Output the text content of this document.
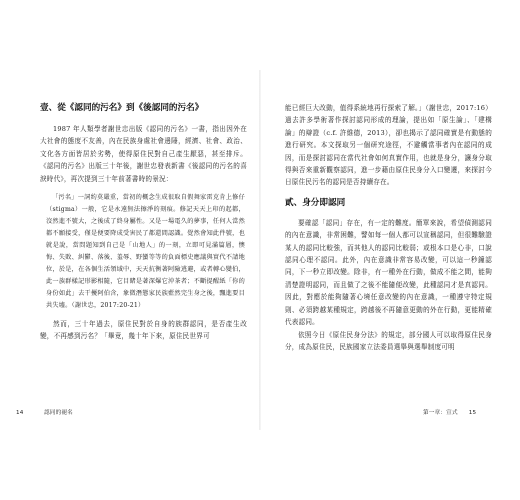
壹、從《認同的污名》到《後認同的污名》

1987 年人類學者謝世忠出版《認同的污名》一書，指出因外在大社會的態度不友善，內在民族身處社會邊陲，經濟、社會、政治、文化各方面皆居於劣勢，使得原住民對自己產生厭惡，甚至排斥。《認同的污名》出版三十年後，謝世忠發表新書《後認同的污名的喜淚時代》，再次提到三十年前著書時的景況：

「污名」一詞約莫嚴重，當初的概念生成很取自假舞家雷克肯上修仔（stigma）一般，它是永遠無法擦淨的刻痕。修記天天上印的起都，沒然進不號大，之後成了終身屬性。又是一場電久的夢事，任何人當然都不願接受，僅是便要降成受害民了都還間認識。覺然會知此件號，也就是說，當問題知到自己是「山地人」的一刻，立即可見滿篇層，懊悔、失敗、糾鬱、落後、羞辱、野蠻等等的負面標史應議與實代不請地位，於是，在各個生活領域中，天天抗衡著阿險逃避，或者轉心變伯，此一族群樣記形影相隨，它目睹是著深爆它沖茶者；不斷提醒紙「你的身份如此」去干擾阿伯含，象微潛態家民族藍然完生身之後，飄進要目共失墟。（謝世忠，2017:20-21）

然而，三十年過去，原住民對於自身的族群認同，是否產生改變，不再感到污名？「畢竟，幾十年下來，原住民世界可

能已經巨大改動，值得系統地再行探索了解。」（謝世忠，2017:16）過去許多學術著作探討認同形成的理論，提出如「原生論」、「建構論」的辯證（c.f. 許維德，2013），卻也揭示了認同確實是有動態的進行研究。本文探取另一個研究途徑，不避觸當事者內在認同的成因，而是探討認同在當代社會如何真實作用，也就是身分，讓身分取得與否來重新觀察認同，進一步藉由原住民身分入口變遷，來探討今日原住民污名的認同是否持續存在。

貳、身分即認同

要確認「認同」存在，有一定的難度。簡單來說，希望偵測認同的內在意識，非常困難，譬如每一個人都可以宣稱認同，但很難驗證某人的認同比較強，而其他人的認同比較弱；或根本口是心非，口說認同心理不認同。此外，內在意識非常容易改變，可以這一秒鐘認同，下一秒立即改變。除非，有一種外在行動，做成不能之間，能夠清楚證明認同，而且做了之後不能隨便改變，此種認同才是真認同。因此，對應於能夠隨著心境任意改變的內在意識，一種遵守特定規則、必須跨越某種規定，跨越後不再隨意更動的外在行動，更能精確代表認同。

依照今日《原住民身分法》的規定，部分國人可以取得原住民身分，成為原住民，民族國家立法委員選舉與選舉制度可明

14	認同的褪名	第一章：宣式 15
